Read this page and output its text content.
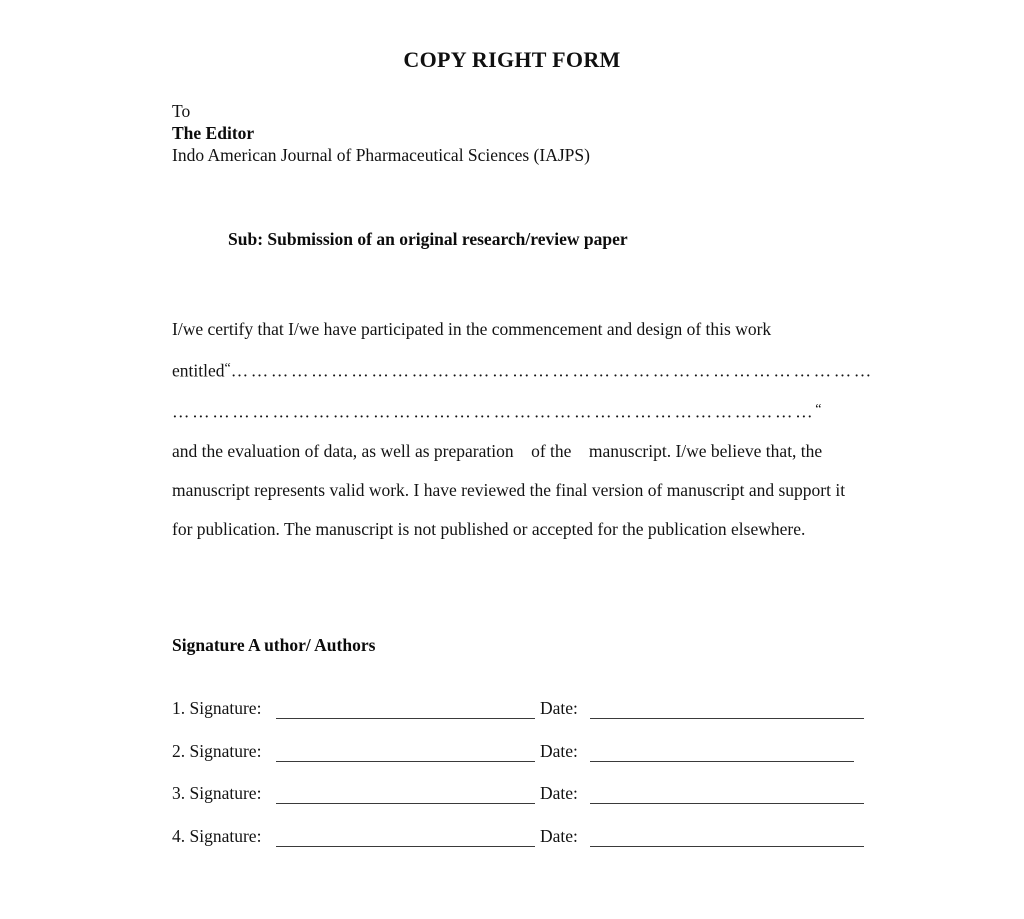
COPY RIGHT FORM
To
The Editor
Indo American Journal of Pharmaceutical Sciences (IAJPS)
Sub: Submission of an original research/review paper
I/we certify that I/we have participated in the commencement and design of this work
entitled“……………………………………………………………………………………
……………………………………………………………………………………“
and the evaluation of data, as well as preparation    of the    manuscript. I/we believe that, the
manuscript represents valid work. I have reviewed the final version of manuscript and support it
for publication. The manuscript is not published or accepted for the publication elsewhere.
Signature A uthor/ Authors
1. Signature:	Date:
2. Signature:	Date:
3. Signature:	Date:
4. Signature:	Date:
